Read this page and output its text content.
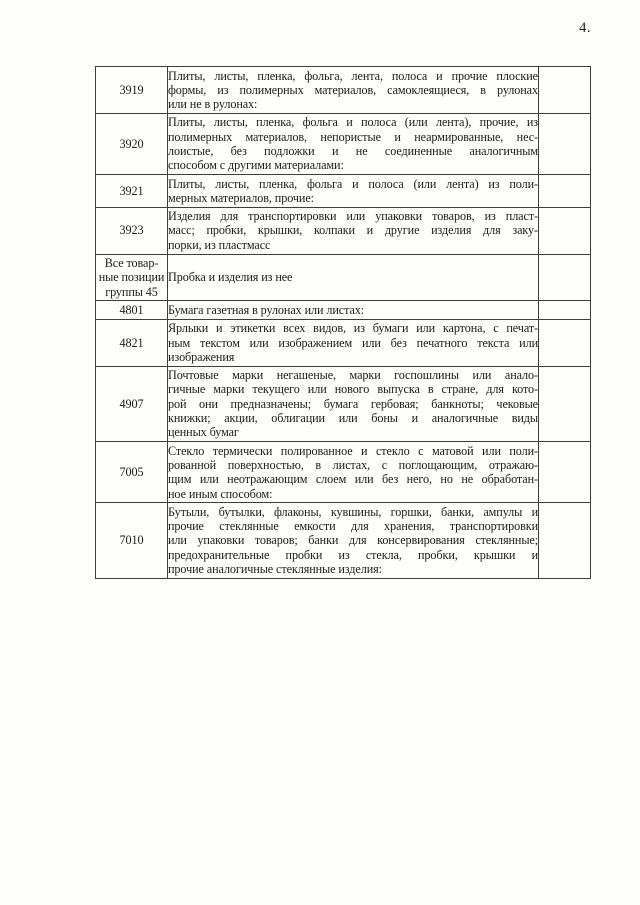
4.
3919	Плиты, листы, пленка, фольга, лента, полоса и прочие плоские
формы, из полимерных материалов, самоклеящиеся, в рулонах
или не в рулонах:	

3920	Плиты, листы, пленка, фольга и полоса (или лента), прочие, из
полимерных материалов, непористые и неармированные, нес-
лоистые, без подложки и не соединенные аналогичным
способом с другими материалами:	

3921	Плиты, листы, пленка, фольга и полоса (или лента) из поли-
мерных материалов, прочие:	

3923	Изделия для транспортировки или упаковки товаров, из пласт-
масс; пробки, крышки, колпаки и другие изделия для заку-
порки, из пластмасс	

Все товар-
ные позиции
группы 45	Пробка и изделия из нее	

4801	Бумага газетная в рулонах или листах:	

4821	Ярлыки и этикетки всех видов, из бумаги или картона, с печат-
ным текстом или изображением или без печатного текста или
изображения	

4907	Почтовые марки негашеные, марки госпошлины или анало-
гичные марки текущего или нового выпуска в стране, для кото-
рой они предназначены; бумага гербовая; банкноты; чековые
книжки; акции, облигации или боны и аналогичные виды
ценных бумаг	

7005	Стекло термически полированное и стекло с матовой или поли-
рованной поверхностью, в листах, с поглощающим, отражаю-
щим или неотражающим слоем или без него, но не обработан-
ное иным способом:	

7010	Бутыли, бутылки, флаконы, кувшины, горшки, банки, ампулы и
прочие стеклянные емкости для хранения, транспортировки
или упаковки товаров; банки для консервирования стеклянные;
предохранительные пробки из стекла, пробки, крышки и
прочие аналогичные стеклянные изделия:	
